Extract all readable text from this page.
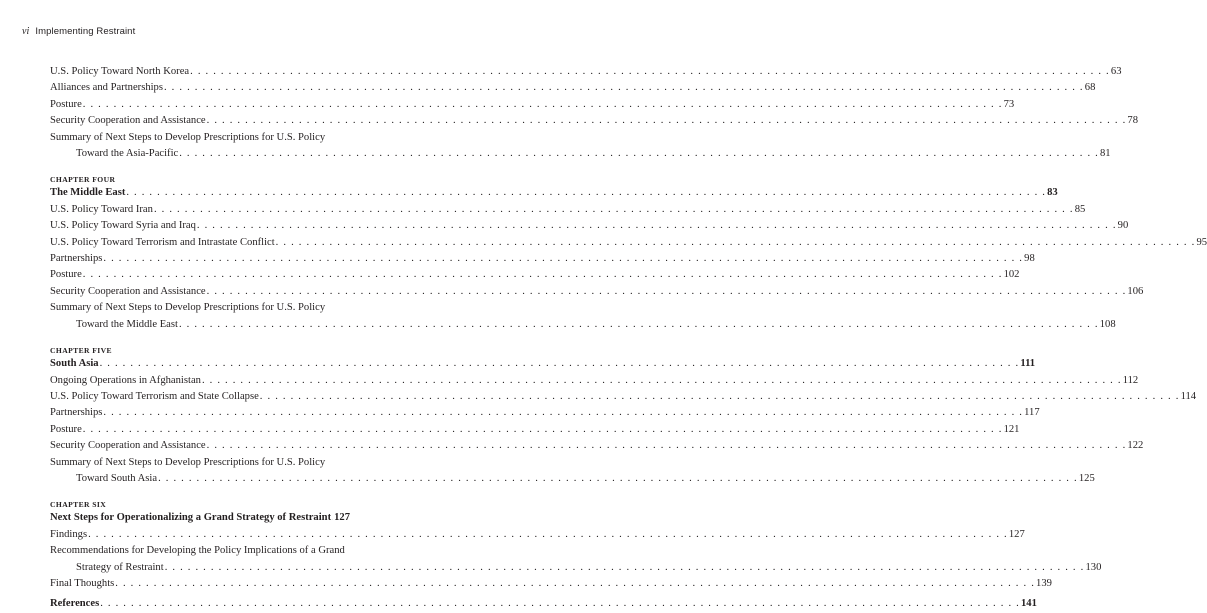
vi Implementing Restraint
U.S. Policy Toward North Korea . . . . . . . . . . . . . . . . . . . . . . . . . . . . . . . . . . . . . . . . . . . . . . . . . . . . . . . . . . . . . . . . . . . . . . . . . . . . . . . . . . . . . . . . . . . . . . . . . . . . . . . . . . . . . . . . . . . . . . . . 63
Alliances and Partnerships . . . . . . . . . . . . . . . . . . . . . . . . . . . . . . . . . . . . . . . . . . . . . . . . . . . . . . . . . . . . . . . . . . . . . . . . . . . . . . . . . . . . . . . . . . . . . . . . . . . . . . . . . . . . . . . . . . . . . . . . 68
Posture . . . . . . . . . . . . . . . . . . . . . . . . . . . . . . . . . . . . . . . . . . . . . . . . . . . . . . . . . . . . . . . . . . . . . . . . . . . . . . . . . . . . . . . . . . . . . . . . . . . . . . . . . . . . . . . . . . . . . . . . 73
Security Cooperation and Assistance . . . . . . . . . . . . . . . . . . . . . . . . . . . . . . . . . . . . . . . . . . . . . . . . . . . . . . . . . . . . . . . . . . . . . . . . . . . . . . . . . . . . . . . . . . . . . . . . . . . . . . . . . . . . . . . . . . . . . . . . 78
Summary of Next Steps to Develop Prescriptions for U.S. Policy
Toward the Asia-Pacific . . . . . . . . . . . . . . . . . . . . . . . . . . . . . . . . . . . . . . . . . . . . . . . . . . . . . . . . . . . . . . . . . . . . . . . . . . . . . . . . . . . . . . . . . . . . . . . . . . . . . . . . . . . . . . . . . . . . . . . . 81
CHAPTER FOUR
The Middle East . . . . . . . . . . . . . . . . . . . . . . . . . . . . . . . . . . . . . . . . . . . . . . . . . . . . . . . . . . . . . . . . . . . . . . . . . . . . . . . . . . . . . . . . . . . . . . . . . . . . . . . . . . . . . . . . . . . . . . . . 83
U.S. Policy Toward Iran . . . . . . . . . . . . . . . . . . . . . . . . . . . . . . . . . . . . . . . . . . . . . . . . . . . . . . . . . . . . . . . . . . . . . . . . . . . . . . . . . . . . . . . . . . . . . . . . . . . . . . . . . . . . . . . . . . . . . . . . 85
U.S. Policy Toward Syria and Iraq . . . . . . . . . . . . . . . . . . . . . . . . . . . . . . . . . . . . . . . . . . . . . . . . . . . . . . . . . . . . . . . . . . . . . . . . . . . . . . . . . . . . . . . . . . . . . . . . . . . . . . . . . . . . . . . . . . . . . . . . 90
U.S. Policy Toward Terrorism and Intrastate Conflict . . . . . . . . . . . . . . . . . . . . . . . . . . . . . . . . . . . . . . . . . . . . . . . . . . . . . . . . . . . . . . . . . . . . . . . . . . . . . . . . . . . . . . . . . . . . . . . . . . . . . . . . . . . . . . . . . . . . . . . . 95
Partnerships . . . . . . . . . . . . . . . . . . . . . . . . . . . . . . . . . . . . . . . . . . . . . . . . . . . . . . . . . . . . . . . . . . . . . . . . . . . . . . . . . . . . . . . . . . . . . . . . . . . . . . . . . . . . . . . . . . . . . . . . 98
Posture . . . . . . . . . . . . . . . . . . . . . . . . . . . . . . . . . . . . . . . . . . . . . . . . . . . . . . . . . . . . . . . . . . . . . . . . . . . . . . . . . . . . . . . . . . . . . . . . . . . . . . . . . . . . . . . . . . . . . . . . 102
Security Cooperation and Assistance . . . . . . . . . . . . . . . . . . . . . . . . . . . . . . . . . . . . . . . . . . . . . . . . . . . . . . . . . . . . . . . . . . . . . . . . . . . . . . . . . . . . . . . . . . . . . . . . . . . . . . . . . . . . . . . . . . . . . . . . 106
Summary of Next Steps to Develop Prescriptions for U.S. Policy
Toward the Middle East . . . . . . . . . . . . . . . . . . . . . . . . . . . . . . . . . . . . . . . . . . . . . . . . . . . . . . . . . . . . . . . . . . . . . . . . . . . . . . . . . . . . . . . . . . . . . . . . . . . . . . . . . . . . . . . . . . . . . . . . 108
CHAPTER FIVE
South Asia . . . . . . . . . . . . . . . . . . . . . . . . . . . . . . . . . . . . . . . . . . . . . . . . . . . . . . . . . . . . . . . . . . . . . . . . . . . . . . . . . . . . . . . . . . . . . . . . . . . . . . . . . . . . . . . . . . . . . . . . 111
Ongoing Operations in Afghanistan . . . . . . . . . . . . . . . . . . . . . . . . . . . . . . . . . . . . . . . . . . . . . . . . . . . . . . . . . . . . . . . . . . . . . . . . . . . . . . . . . . . . . . . . . . . . . . . . . . . . . . . . . . . . . . . . . . . . . . . . 112
U.S. Policy Toward Terrorism and State Collapse . . . . . . . . . . . . . . . . . . . . . . . . . . . . . . . . . . . . . . . . . . . . . . . . . . . . . . . . . . . . . . . . . . . . . . . . . . . . . . . . . . . . . . . . . . . . . . . . . . . . . . . . . . . . . . . . . . . . . . . . 114
Partnerships . . . . . . . . . . . . . . . . . . . . . . . . . . . . . . . . . . . . . . . . . . . . . . . . . . . . . . . . . . . . . . . . . . . . . . . . . . . . . . . . . . . . . . . . . . . . . . . . . . . . . . . . . . . . . . . . . . . . . . . . 117
Posture . . . . . . . . . . . . . . . . . . . . . . . . . . . . . . . . . . . . . . . . . . . . . . . . . . . . . . . . . . . . . . . . . . . . . . . . . . . . . . . . . . . . . . . . . . . . . . . . . . . . . . . . . . . . . . . . . . . . . . . . 121
Security Cooperation and Assistance . . . . . . . . . . . . . . . . . . . . . . . . . . . . . . . . . . . . . . . . . . . . . . . . . . . . . . . . . . . . . . . . . . . . . . . . . . . . . . . . . . . . . . . . . . . . . . . . . . . . . . . . . . . . . . . . . . . . . . . . 122
Summary of Next Steps to Develop Prescriptions for U.S. Policy
Toward South Asia . . . . . . . . . . . . . . . . . . . . . . . . . . . . . . . . . . . . . . . . . . . . . . . . . . . . . . . . . . . . . . . . . . . . . . . . . . . . . . . . . . . . . . . . . . . . . . . . . . . . . . . . . . . . . . . . . . . . . . . . 125
CHAPTER SIX
Next Steps for Operationalizing a Grand Strategy of Restraint 127
Findings . . . . . . . . . . . . . . . . . . . . . . . . . . . . . . . . . . . . . . . . . . . . . . . . . . . . . . . . . . . . . . . . . . . . . . . . . . . . . . . . . . . . . . . . . . . . . . . . . . . . . . . . . . . . . . . . . . . . . . . . 127
Recommendations for Developing the Policy Implications of a Grand
Strategy of Restraint . . . . . . . . . . . . . . . . . . . . . . . . . . . . . . . . . . . . . . . . . . . . . . . . . . . . . . . . . . . . . . . . . . . . . . . . . . . . . . . . . . . . . . . . . . . . . . . . . . . . . . . . . . . . . . . . . . . . . . . . 130
Final Thoughts . . . . . . . . . . . . . . . . . . . . . . . . . . . . . . . . . . . . . . . . . . . . . . . . . . . . . . . . . . . . . . . . . . . . . . . . . . . . . . . . . . . . . . . . . . . . . . . . . . . . . . . . . . . . . . . . . . . . . . . . 139
References . . . . . . . . . . . . . . . . . . . . . . . . . . . . . . . . . . . . . . . . . . . . . . . . . . . . . . . . . . . . . . . . . . . . . . . . . . . . . . . . . . . . . . . . . . . . . . . . . . . . . . . . . . . . . . . . . . . . . . . . 141
